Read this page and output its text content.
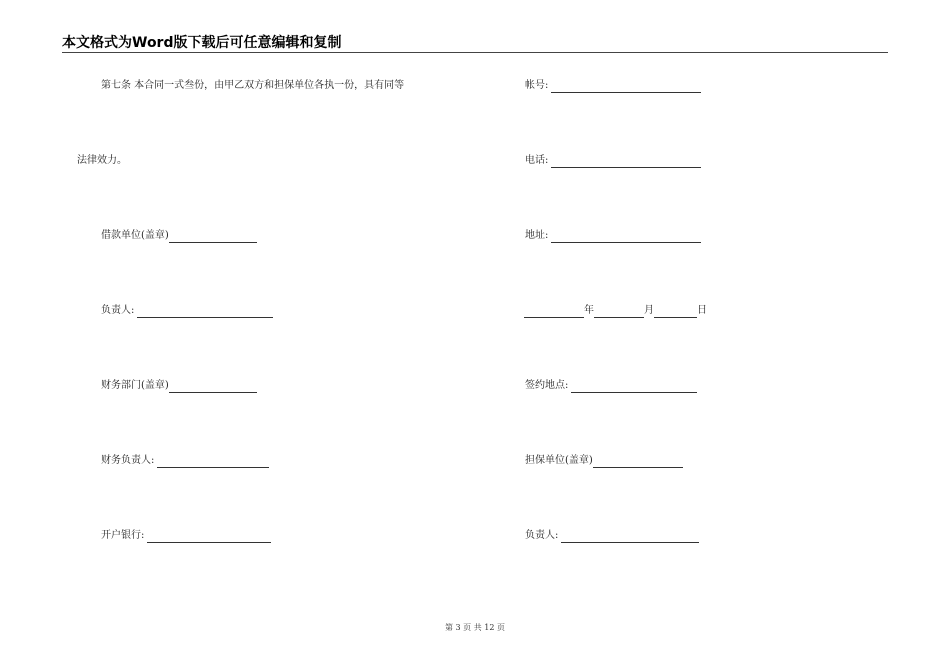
本文格式为Word版下载后可任意编辑和复制
第七条 本合同一式叁份，由甲乙双方和担保单位各执一份，具有同等
法律效力。
借款单位(盖章)
负责人:
财务部门(盖章)
财务负责人:
开户银行:
帐号:
电话:
地址:
年	月	日
签约地点:
担保单位(盖章)
负责人:
第 3 页 共 12 页
